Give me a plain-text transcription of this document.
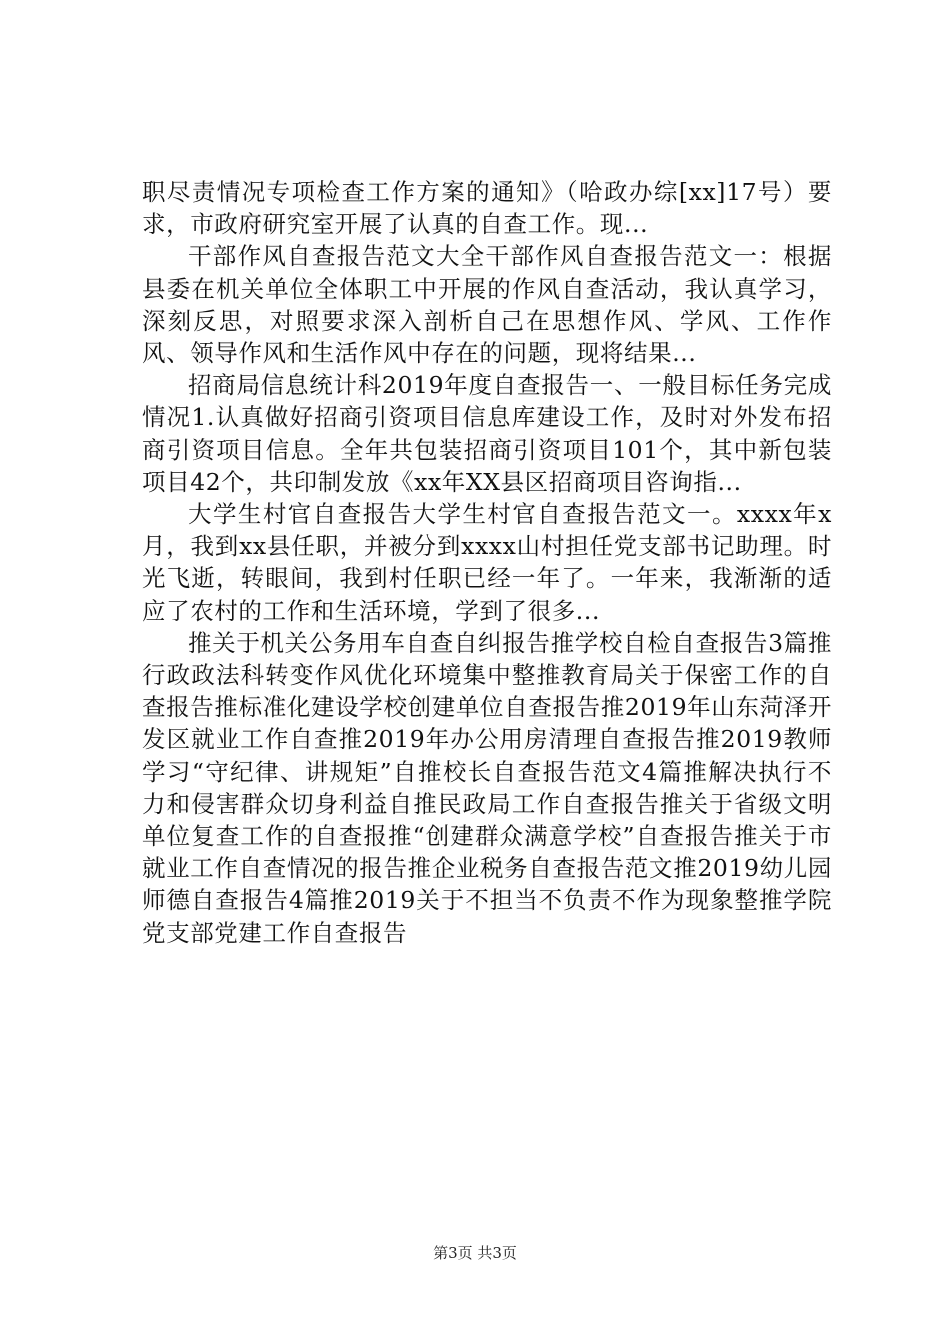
职尽责情况专项检查工作方案的通知》（哈政办综[xx]17号）要求，市政府研究室开展了认真的自查工作。现...

干部作风自查报告范文大全干部作风自查报告范文一：根据县委在机关单位全体职工中开展的作风自查活动，我认真学习，深刻反思，对照要求深入剖析自己在思想作风、学风、工作作风、领导作风和生活作风中存在的问题，现将结果...

招商局信息统计科2019年度自查报告一、一般目标任务完成情况1.认真做好招商引资项目信息库建设工作，及时对外发布招商引资项目信息。全年共包装招商引资项目101个，其中新包装项目42个，共印制发放《xx年XX县区招商项目咨询指...

大学生村官自查报告大学生村官自查报告范文一。xxxx年x月，我到xx县任职，并被分到xxxx山村担任党支部书记助理。时光飞逝，转眼间，我到村任职已经一年了。一年来，我渐渐的适应了农村的工作和生活环境，学到了很多...

推关于机关公务用车自查自纠报告推学校自检自查报告3篇推行政政法科转变作风优化环境集中整推教育局关于保密工作的自查报告推标准化建设学校创建单位自查报告推2019年山东菏泽开发区就业工作自查推2019年办公用房清理自查报告推2019教师学习“守纪律、讲规矩”自推校长自查报告范文4篇推解决执行不力和侵害群众切身利益自推民政局工作自查报告推关于省级文明单位复查工作的自查报推“创建群众满意学校”自查报告推关于市就业工作自查情况的报告推企业税务自查报告范文推2019幼儿园师德自查报告4篇推2019关于不担当不负责不作为现象整推学院党支部党建工作自查报告

第3页 共3页
